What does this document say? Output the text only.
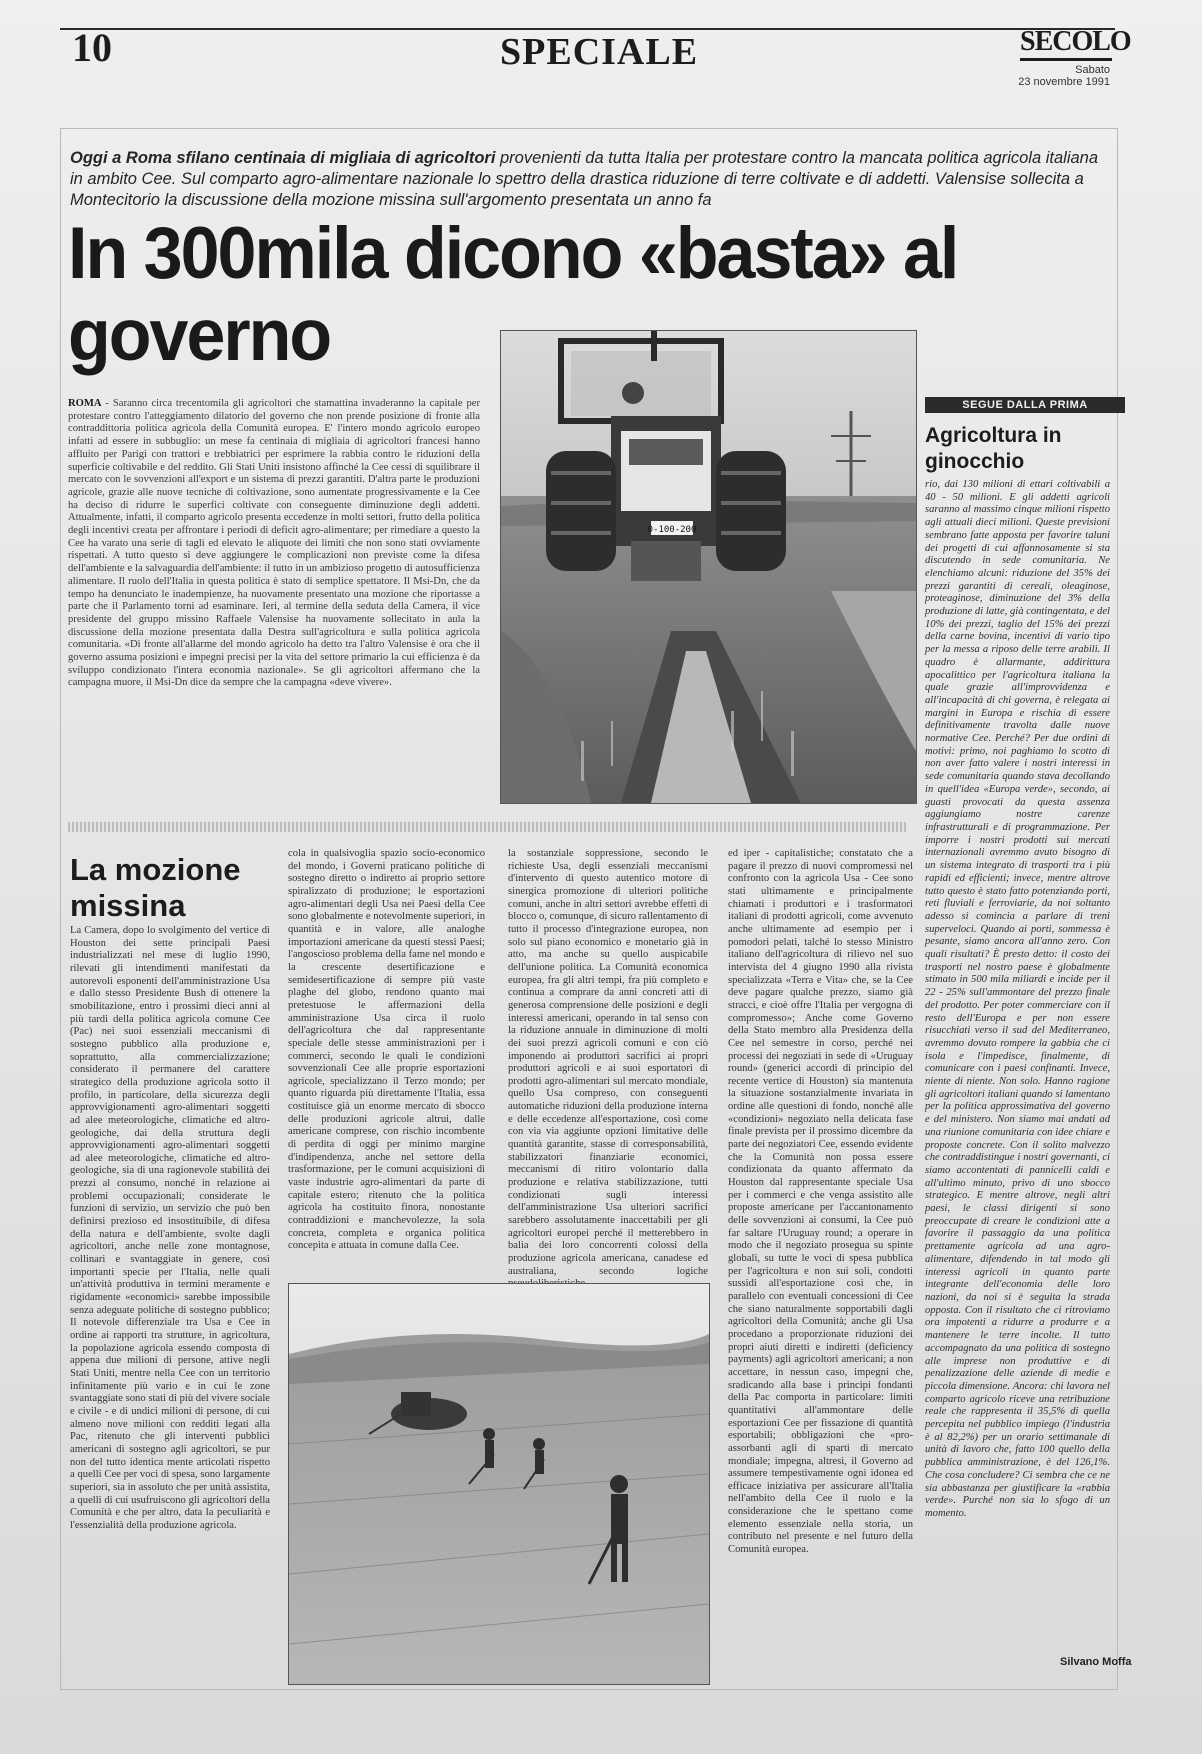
10	SPECIALE	SECOLO
Sabato
23 novembre 1991
Oggi a Roma sfilano centinaia di migliaia di agricoltori provenienti da tutta Italia per protestare contro la mancata politica agricola italiana in ambito Cee. Sul comparto agro-alimentare nazionale lo spettro della drastica riduzione di terre coltivate e di addetti. Valensise sollecita a Montecitorio la discussione della mozione missina sull'argomento presentata un anno fa
In 300mila dicono «basta» al governo
ROMA - Saranno circa trecentomila gli agricoltori che stamattina invaderanno la capitale per protestare contro l'atteggiamento dilatorio del governo che non prende posizione di fronte alla contraddittoria politica agricola della Comunità europea. E' l'intero mondo agricolo europeo infatti ad essere in subbuglio: un mese fa centinaia di migliaia di agricoltori francesi hanno affluito per Parigi con trattori e trebbiatrici per esprimere la rabbia contro le riduzioni della superficie coltivabile e del reddito. Gli Stati Uniti insistono affinché la Cee cessi di squilibrare il mercato con le sovvenzioni all'export e un sistema di prezzi garantiti. D'altra parte le produzioni agricole, grazie alle nuove tecniche di coltivazione, sono aumentate progressivamente e la Cee ha deciso di ridurre le superfici coltivate con conseguente diminuzione degli addetti. Attualmente, infatti, il comparto agricolo presenta eccedenze in molti settori, frutto della politica degli incentivi creata per affrontare i periodi di deficit agro-alimentare; per rimediare a questo la Cee ha varato una serie di tagli ed elevato le aliquote dei limiti che non sono stati ovviamente rispettati. A tutto questo si deve aggiungere le complicazioni non previste come la difesa dell'ambiente e la salvaguardia dell'ambiente: il tutto in un ambizioso progetto di autosufficienza alimentare. Il ruolo dell'Italia in questa politica è stato di semplice spettatore. Il Msi-Dn, che da tempo ha denunciato le inadempienze, ha nuovamente presentato una mozione che riportasse a parte che il Parlamento torni ad esaminare. Ieri, al termine della seduta della Camera, il vice presidente del gruppo missino Raffaele Valensise ha nuovamente sollecitato in aula la discussione della mozione presentata dalla Destra sull'agricoltura e sulla politica agricola comunitaria. «Di fronte all'allarme del mondo agricolo ha detto tra l'altro Valensise è ora che il governo assuma posizioni e impegni precisi per la vita del settore primario la cui efficienza è da sviluppo condizionato l'intera economia nazionale». Se gli agricoltori affermano che la campagna muore, il Msi-Dn dice da sempre che la campagna «deve vivere».
0-100-200
SEGUE DALLA PRIMA
Agricoltura in ginocchio
rio, dai 130 milioni di ettari coltivabili a 40 - 50 milioni. E gli addetti agricoli saranno al massimo cinque milioni rispetto agli attuali dieci milioni. Queste previsioni sembrano fatte apposta per favorire taluni dei progetti di cui affannosamente si sta discutendo in sede comunitaria. Ne elenchiamo alcuni: riduzione del 35% dei prezzi garantiti di cereali, oleaginose, proteaginose, diminuzione del 3% della produzione di latte, già contingentata, e del 10% dei prezzi, taglio del 15% dei prezzi della carne bovina, incentivi di vario tipo per la messa a riposo delle terre arabili. Il quadro è allarmante, addirittura apocalittico per l'agricoltura italiana la quale grazie all'improvvidenza e all'incapacità di chi governa, è relegata ai margini in Europa e rischia di essere definitivamente travolta dalle nuove normative Cee. Perché? Per due ordini di motivi: primo, noi paghiamo lo scotto di non aver fatto valere i nostri interessi in sede comunitaria quando stava decollando in quell'idea «Europa verde», secondo, ai guasti provocati da questa assenza aggiungiamo nostre carenze infrastrutturali e di programmazione. Per imporre i nostri prodotti sui mercati internazionali avremmo avuto bisogno di un sistema integrato di trasporti tra i più rapidi ed efficienti; invece, mentre altrove tutto questo è stato fatto potenziando porti, reti fluviali e ferroviarie, da noi soltanto adesso si comincia a parlare di treni superveloci. Quando ai porti, sommessa è pesante, siamo ancora all'anno zero. Con quali risultati? È presto detto: il costo dei trasporti nel nostro paese è globalmente stimato in 500 mila miliardi e incide per il 22 - 25% sull'ammontare del prezzo finale del prodotto. Per poter commerciare con il resto dell'Europa e per non essere risucchiati verso il sud del Mediterraneo, avremmo dovuto rompere la gabbia che ci isola e l'impedisce, finalmente, di comunicare con i paesi confinanti. Invece, niente di niente. Non solo. Hanno ragione gli agricoltori italiani quando si lamentano per la politica approssimativa del governo e del ministero. Non siamo mai andati ad una riunione comunitaria con idee chiare e proposte concrete. Con il solito malvezzo che contraddistingue i nostri governanti, ci siamo accontentati di pannicelli caldi e all'ultimo minuto, privo di uno sbocco strategico. E mentre altrove, negli altri paesi, le classi dirigenti si sono preoccupate di creare le condizioni atte a favorire il passaggio da una politica prettamente agricola ad una agro-alimentare, difendendo in tal modo gli interessi agricoli in quanto parte integrante dell'economia delle loro nazioni, da noi si è seguita la strada opposta. Con il risultato che ci ritroviamo ora impotenti a ridurre a produrre e a mantenere le terre incolte. Il tutto accompagnato da una politica di sostegno alle imprese non produttive e di penalizzazione delle aziende di medie e piccola dimensione. Ancora: chi lavora nel comparto agricolo riceve una retribuzione reale che rappresenta il 35,5% di quella percepita nel pubblico impiego (l'industria è al 82,2%) per un orario settimanale di unità di lavoro che, fatto 100 quello della pubblica amministrazione, è del 126,1%. Che cosa concludere? Ci sembra che ce ne sia abbastanza per giustificare la «rabbia verde». Purché non sia lo sfogo di un momento.
La mozione missina
La Camera, dopo lo svolgimento del vertice di Houston dei sette principali Paesi industrializzati nel mese di luglio 1990, rilevati gli intendimenti manifestati da autorevoli esponenti dell'amministrazione Usa e dallo stesso Presidente Bush di ottenere la smobilitazione, entro i prossimi dieci anni al più tardi della politica agricola comune Cee (Pac) nei suoi essenziali meccanismi di sostegno pubblico alla produzione e, soprattutto, alla commercializzazione; considerato il permanere del carattere strategico della produzione agricola sotto il profilo, in particolare, della sicurezza degli approvvigionamenti agro-alimentari soggetti ad alee meteorologiche, climatiche ed altro-geologiche, dai della struttura degli approvvigionamenti agro-alimentari soggetti ad alee meteorologiche, climatiche ed altro-geologiche, sia di una ragionevole stabilità dei prezzi al consumo, nonché in relazione ai problemi occupazionali; considerate le funzioni di servizio, un servizio che può ben definirsi prezioso ed insostituibile, di difesa della natura e dell'ambiente, svolte dagli agricoltori, anche nelle zone montagnose, collinari e svantaggiate in genere, così importanti specie per l'Italia, nelle quali un'attività produttiva in termini meramente e rigidamente «economici» sarebbe impossibile senza adeguate politiche di sostegno pubblico; Il notevole differenziale tra Usa e Cee in ordine ai rapporti tra strutture, in agricoltura, la popolazione agricola essendo composta di appena due milioni di persone, attive negli Stati Uniti, mentre nella Cee con un territorio infinitamente più vario e in cui le zone svantaggiate sono stati di più del vivere sociale e civile - e di undici milioni di persone, di cui almeno nove milioni con redditi legati alla Pac, ritenuto che gli interventi pubblici americani di sostegno agli agricoltori, se pur non del tutto identica mente articolati rispetto a quelli Cee per voci di spesa, sono largamente superiori, sia in assoluto che per unità assistita, a quelli di cui usufruiscono gli agricoltori della Comunità e che per altro, data la peculiarità e l'essenzialità della produzione agricola.
cola in qualsivoglia spazio socio-economico del mondo, i Governi praticano politiche di sostegno diretto o indiretto ai proprio settore spiralizzato di produzione; le esportazioni agro-alimentari degli Usa nei Paesi della Cee sono globalmente e notevolmente superiori, in quantità e in valore, alle analoghe importazioni americane da questi stessi Paesi; l'angoscioso problema della fame nel mondo e la crescente desertificazione e semidesertificazione di sempre più vaste plaghe del globo, rendono quanto mai pretestuose le affermazioni della amministrazione Usa circa il ruolo dell'agricoltura che dal rappresentante speciale delle stesse amministrazioni per i commerci, secondo le quali le condizioni sovvenzionali Cee alle proprie esportazioni agricole, specializzano il Terzo mondo; per quanto riguarda più direttamente l'Italia, essa costituisce già un enorme mercato di sbocco delle produzioni agricole altrui, dalle americane comprese, con rischio incombente di perdita di oggi per minimo margine d'indipendenza, anche nel settore della trasformazione, per le comuni acquisizioni di vaste industrie agro-alimentari da parte di capitale estero; ritenuto che la politica agricola ha costituito finora, nonostante contraddizioni e manchevolezze, la sola concreta, completa e organica politica concepita e attuata in comune dalla Cee.
la sostanziale soppressione, secondo le richieste Usa, degli essenziali meccanismi d'intervento di questo autentico motore di sinergica promozione di ulteriori politiche comuni, anche in altri settori avrebbe effetti di blocco o, comunque, di sicuro rallentamento di tutto il processo d'integrazione europea, non solo sul piano economico e monetario già in atto, ma anche su quello auspicabile dell'unione politica. La Comunità economica europea, fra gli altri tempi, fra più completo e continua a comprare da anni concreti atti di generosa comprensione delle posizioni e degli interessi americani, operando in tal senso con la riduzione annuale in diminuzione di molti dei suoi prezzi agricoli comuni e con ciò imponendo ai produttori sacrifici ai propri produttori agricoli e ai suoi esportatori di prodotti agro-alimentari sul mercato mondiale, quello Usa compreso, con conseguenti automatiche riduzioni della produzione interna e delle eccedenze all'esportazione, così come con via via aggiunte opzioni limitative delle quantità garantite, stasse di corresponsabilità, stabilizzatori finanziarie economici, meccanismi di ritiro volontario dalla produzione e relativa stabilizzazione, tutti condizionati sugli interessi dell'amministrazione Usa ulteriori sacrifici sarebbero assolutamente inaccettabili per gli agricoltori europei perché il metterebbero in balìa dei loro concorrenti colossi della produzione agricola americana, canadese ed australiana, secondo logiche
ed iper - capitalistiche; constatato che a pagare il prezzo di nuovi compromessi nel confronto con la agricola Usa - Cee sono stati ultimamente e principalmente chiamati i produttori e i trasformatori italiani di prodotti agricoli, come avvenuto anche ultimamente ad esempio per i pomodori pelati, talché lo stesso Ministro italiano dell'agricoltura di rilievo nel suo intervista del 4 giugno 1990 alla rivista specializzata «Terra e Vita» che, se la Cee deve pagare qualche prezzo, siamo già stracci, e cioè offre l'Italia per vergogna di compromesso»; Anche come Governo della Stato membro alla Presidenza della Cee nel semestre in corso, perché nei processi dei negoziati in sede di «Uruguay round» (generici accordi di principio del recente vertice di Houston) sia mantenuta la situazione sostanzialmente invariata in ordine alle questioni di fondo, nonché alle «condizioni» negoziato nella delicata fase finale prevista per il prossimo dicembre da parte dei negoziatori Cee, essendo evidente che la Comunità non possa essere condizionata da quanto affermato da Houston dal rappresentante speciale Usa per i commerci e che venga assistito alle proposte americane per l'accantonamento delle sovvenzioni ai consumi, la Cee può far saltare l'Uruguay round; a operare in modo che il negoziato prosegua su spinte globali, su tutte le voci di spesa pubblica per l'agricoltura e non sui soli, condotti sussidi all'esportazione così che, in parallelo con eventuali concessioni di Cee che siano naturalmente sopportabili dagli agricoltori della Comunità; anche gli Usa procedano a proporzionate riduzioni dei propri aiuti diretti e indiretti (deficiency payments) agli agricoltori americani; a non accettare, in nessun caso, impegni che, sradicando alla base i principi fondanti della Pac comporta in particolare: limiti quantitativi all'ammontare delle esportazioni Cee per fissazione di quantità esportabili; obbligazioni che «pro-assorbanti agli di sparti di mercato mondiale; impegna, altresì, il Governo ad assumere tempestivamente ogni idonea ed efficace iniziativa per assicurare all'Italia nell'ambito della Cee il ruolo e la considerazione che le spettano come elemento essenziale nella storia, un contributo nel presente e nel futuro della Comunità europea.
Silvano Moffa
